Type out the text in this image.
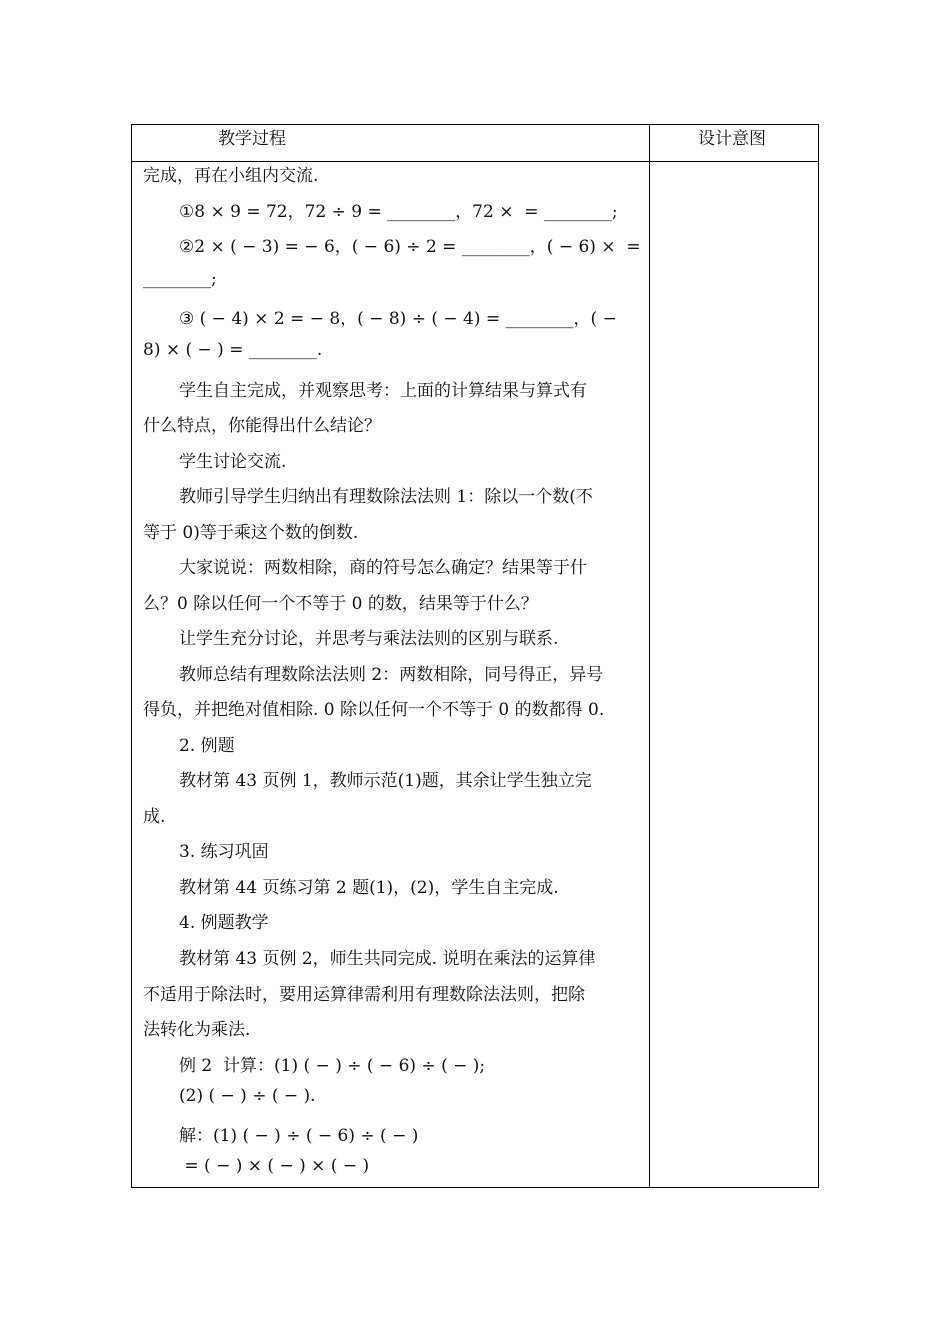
教学过程	设计意图
完成，再在小组内交流.
①8 × 9 = 72，72 ÷ 9 = ________，72 ×  = ________;
②2 × ( − 3) = − 6，( − 6) ÷ 2 = ________，( − 6) ×  =
________;
③ ( − 4) × 2 = − 8，( − 8) ÷ ( − 4) = ________，( −
8) × ( − ) = ________.
学生自主完成，并观察思考：上面的计算结果与算式有
什么特点，你能得出什么结论？
学生讨论交流.
教师引导学生归纳出有理数除法法则 1：除以一个数(不
等于 0)等于乘这个数的倒数.
大家说说：两数相除，商的符号怎么确定？结果等于什
么？0 除以任何一个不等于 0 的数，结果等于什么？
让学生充分讨论，并思考与乘法法则的区别与联系.
教师总结有理数除法法则 2：两数相除，同号得正，异号
得负，并把绝对值相除. 0 除以任何一个不等于 0 的数都得 0.
2. 例题
教材第 43 页例 1，教师示范(1)题，其余让学生独立完
成.
3. 练习巩固
教材第 44 页练习第 2 题(1)，(2)，学生自主完成.
4. 例题教学
教材第 43 页例 2，师生共同完成. 说明在乘法的运算律
不适用于除法时，要用运算律需利用有理数除法法则，把除
法转化为乘法.
例 2  计算：(1) ( − ) ÷ ( − 6) ÷ ( − );
(2) ( − ) ÷ ( − ).
解：(1) ( − ) ÷ ( − 6) ÷ ( − )
= ( − ) × ( − ) × ( − )
